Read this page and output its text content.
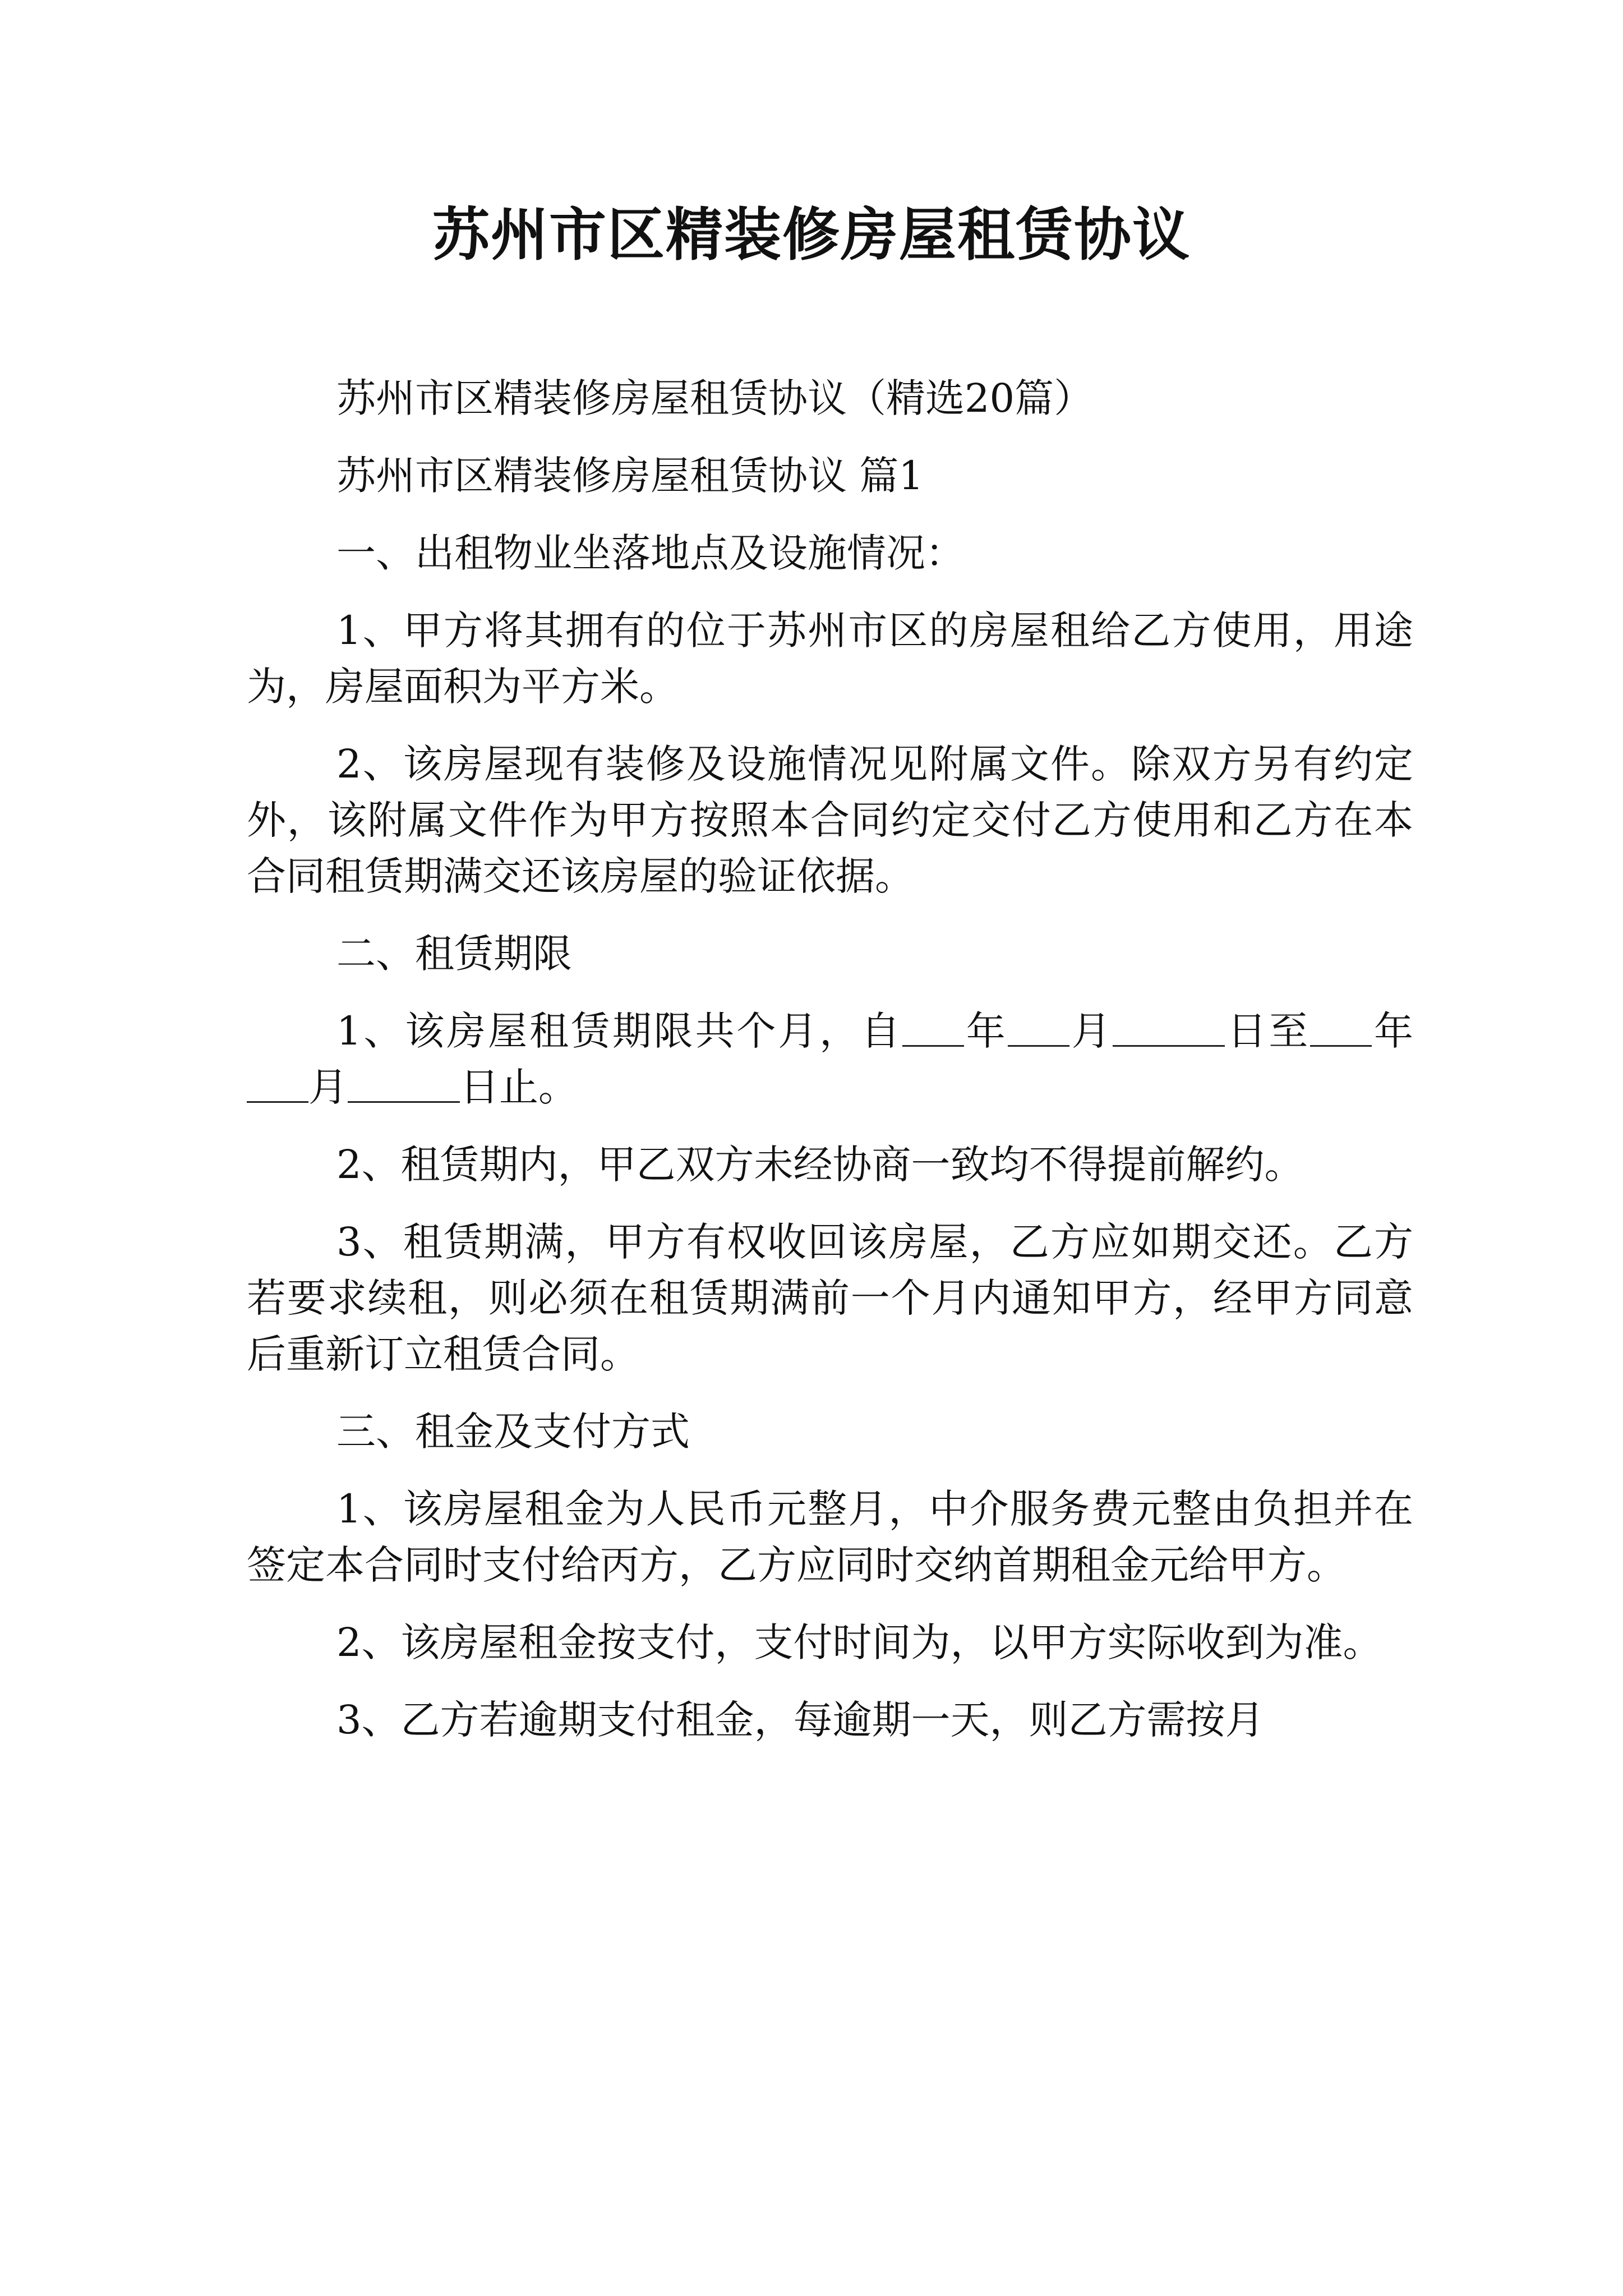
苏州市区精装修房屋租赁协议

苏州市区精装修房屋租赁协议（精选20篇）

苏州市区精装修房屋租赁协议 篇1

一、出租物业坐落地点及设施情况：

1、甲方将其拥有的位于苏州市区的房屋租给乙方使用，用途为，房屋面积为平方米。

2、该房屋现有装修及设施情况见附属文件。除双方另有约定外，该附属文件作为甲方按照本合同约定交付乙方使用和乙方在本合同租赁期满交还该房屋的验证依据。

二、租赁期限

1、该房屋租赁期限共个月，自 年 月	日至 年月	日止。

2、租赁期内，甲乙双方未经协商一致均不得提前解约。

3、租赁期满，甲方有权收回该房屋，乙方应如期交还。乙方若要求续租，则必须在租赁期满前一个月内通知甲方，经甲方同意后重新订立租赁合同。

三、租金及支付方式

1、该房屋租金为人民币元整月，中介服务费元整由负担并在签定本合同时支付给丙方，乙方应同时交纳首期租金元给甲方。

2、该房屋租金按支付，支付时间为，以甲方实际收到为准。

3、乙方若逾期支付租金，每逾期一天，则乙方需按月
